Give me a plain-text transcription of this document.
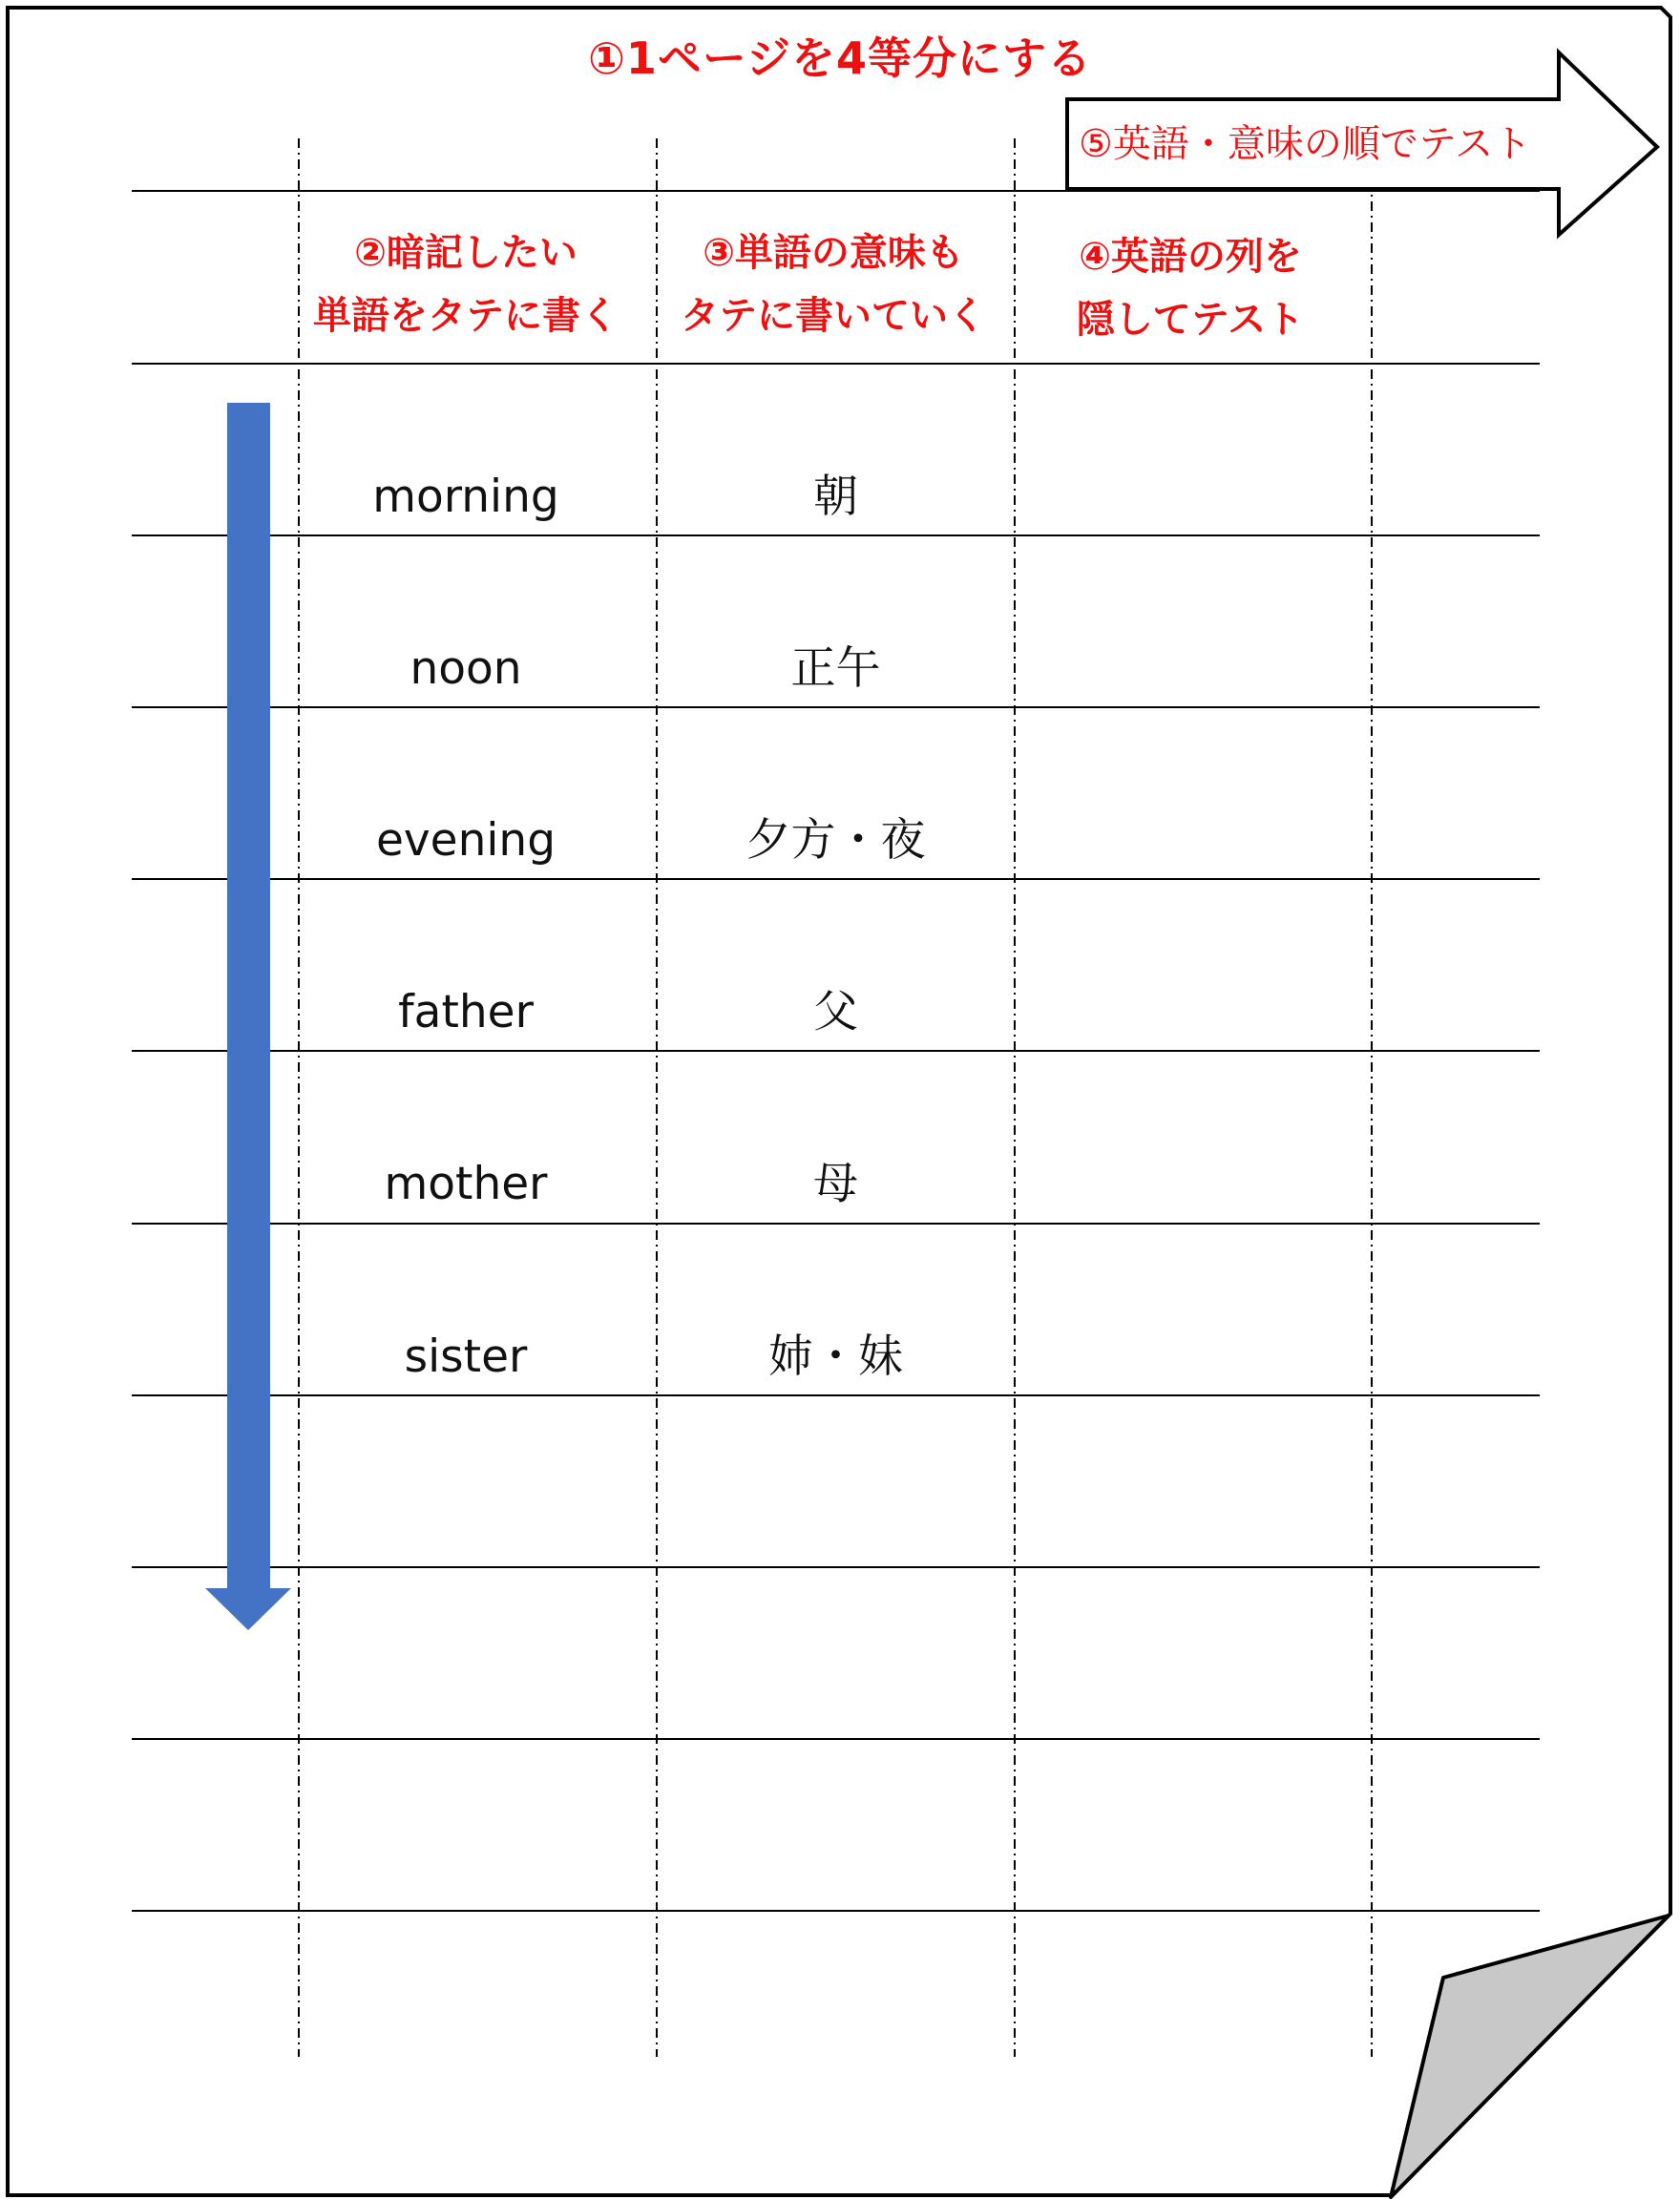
①1ページを4等分にする
⑤英語・意味の順でテスト
②暗記したい
単語をタテに書く
③単語の意味も
タテに書いていく
④英語の列を
隠してテスト
morning	朝
noon	正午
evening	夕方・夜
father	父
mother	母
sister	姉・妹
